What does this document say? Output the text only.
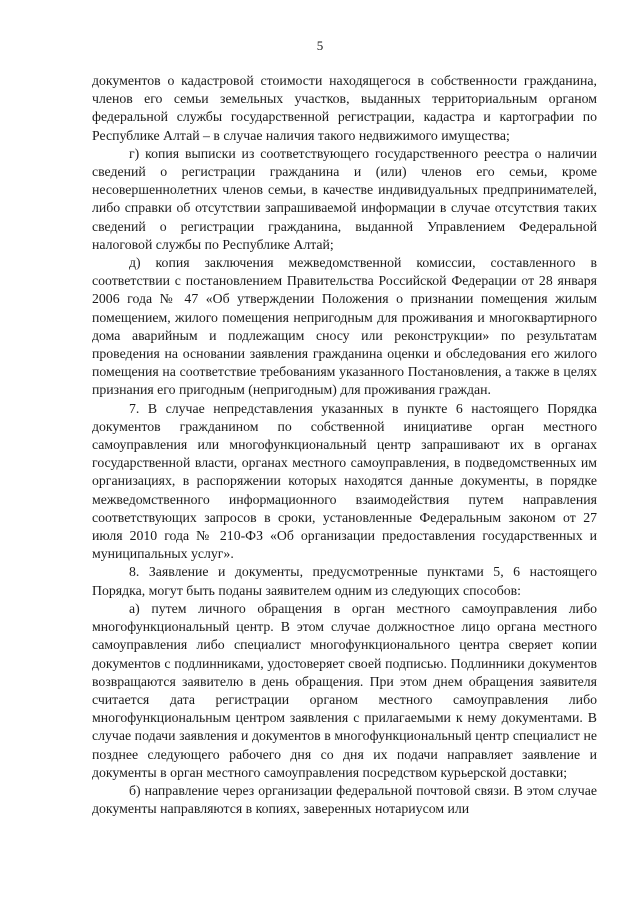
5

документов о кадастровой стоимости находящегося в собственности гражданина, членов его семьи земельных участков, выданных территориальным органом федеральной службы государственной регистрации, кадастра и картографии по Республике Алтай – в случае наличия такого недвижимого имущества;

г) копия выписки из соответствующего государственного реестра о наличии сведений о регистрации гражданина и (или) членов его семьи, кроме несовершеннолетних членов семьи, в качестве индивидуальных предпринимателей, либо справки об отсутствии запрашиваемой информации в случае отсутствия таких сведений о регистрации гражданина, выданной Управлением Федеральной налоговой службы по Республике Алтай;

д) копия заключения межведомственной комиссии, составленного в соответствии с постановлением Правительства Российской Федерации от 28 января 2006 года № 47 «Об утверждении Положения о признании помещения жилым помещением, жилого помещения непригодным для проживания и многоквартирного дома аварийным и подлежащим сносу или реконструкции» по результатам проведения на основании заявления гражданина оценки и обследования его жилого помещения на соответствие требованиям указанного Постановления, а также в целях признания его пригодным (непригодным) для проживания граждан.

7. В случае непредставления указанных в пункте 6 настоящего Порядка документов гражданином по собственной инициативе орган местного самоуправления или многофункциональный центр запрашивают их в органах государственной власти, органах местного самоуправления, в подведомственных им организациях, в распоряжении которых находятся данные документы, в порядке межведомственного информационного взаимодействия путем направления соответствующих запросов в сроки, установленные Федеральным законом от 27 июля 2010 года № 210-ФЗ «Об организации предоставления государственных и муниципальных услуг».

8. Заявление и документы, предусмотренные пунктами 5, 6 настоящего Порядка, могут быть поданы заявителем одним из следующих способов:

а) путем личного обращения в орган местного самоуправления либо многофункциональный центр. В этом случае должностное лицо органа местного самоуправления либо специалист многофункционального центра сверяет копии документов с подлинниками, удостоверяет своей подписью. Подлинники документов возвращаются заявителю в день обращения. При этом днем обращения заявителя считается дата регистрации органом местного самоуправления либо многофункциональным центром заявления с прилагаемыми к нему документами. В случае подачи заявления и документов в многофункциональный центр специалист не позднее следующего рабочего дня со дня их подачи направляет заявление и документы в орган местного самоуправления посредством курьерской доставки;

б) направление через организации федеральной почтовой связи. В этом случае документы направляются в копиях, заверенных нотариусом или
